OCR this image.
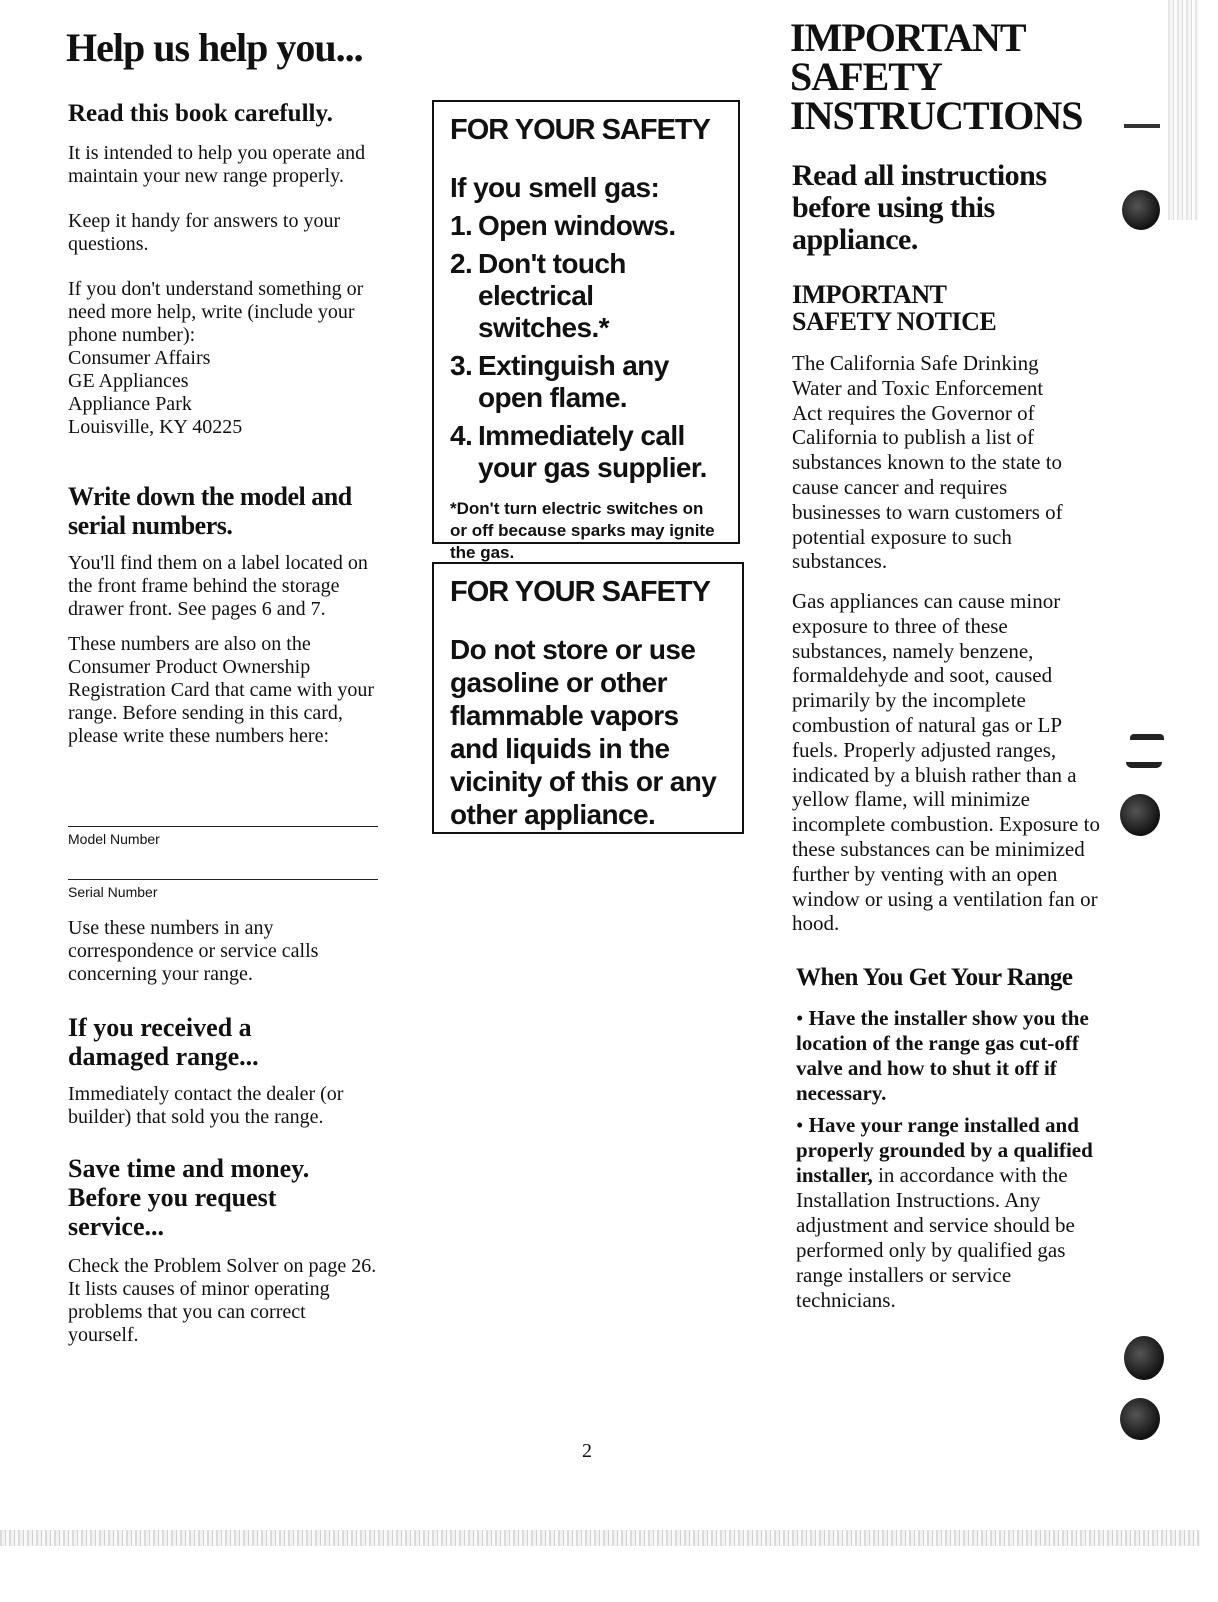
Help us help you...
Read this book carefully.

It is intended to help you operate and maintain your new range properly.

Keep it handy for answers to your questions.

If you don't understand something or need more help, write (include your phone number):

Consumer Affairs
GE Appliances
Appliance Park
Louisville, KY 40225
Write down the model and serial numbers.

You'll find them on a label located on the front frame behind the storage drawer front. See pages 6 and 7.

These numbers are also on the Consumer Product Ownership Registration Card that came with your range. Before sending in this card, please write these numbers here:

Model Number
Serial Number

Use these numbers in any correspondence or service calls concerning your range.

If you received a damaged range...

Immediately contact the dealer (or builder) that sold you the range.

Save time and money. Before you request service...

Check the Problem Solver on page 26. It lists causes of minor operating problems that you can correct yourself.

FOR YOUR SAFETY
If you smell gas:
1. Open windows.
2. Don't touch electrical switches.*
3. Extinguish any open flame.
4. Immediately call your gas supplier.
*Don't turn electric switches on or off because sparks may ignite the gas.
FOR YOUR SAFETY
Do not store or use gasoline or other flammable vapors and liquids in the vicinity of this or any other appliance.
IMPORTANT
SAFETY
INSTRUCTIONS
Read all instructions before using this appliance.
IMPORTANT
SAFETY NOTICE

The California Safe Drinking Water and Toxic Enforcement Act requires the Governor of California to publish a list of substances known to the state to cause cancer and requires businesses to warn customers of potential exposure to such substances.

Gas appliances can cause minor exposure to three of these substances, namely benzene, formaldehyde and soot, caused primarily by the incomplete combustion of natural gas or LP fuels. Properly adjusted ranges, indicated by a bluish rather than a yellow flame, will minimize incomplete combustion. Exposure to these substances can be minimized further by venting with an open window or using a ventilation fan or hood.

When You Get Your Range
• Have the installer show you the location of the range gas cut-off valve and how to shut it off if necessary.
• Have your range installed and properly grounded by a qualified installer, in accordance with the Installation Instructions. Any adjustment and service should be performed only by qualified gas range installers or service technicians.
2
